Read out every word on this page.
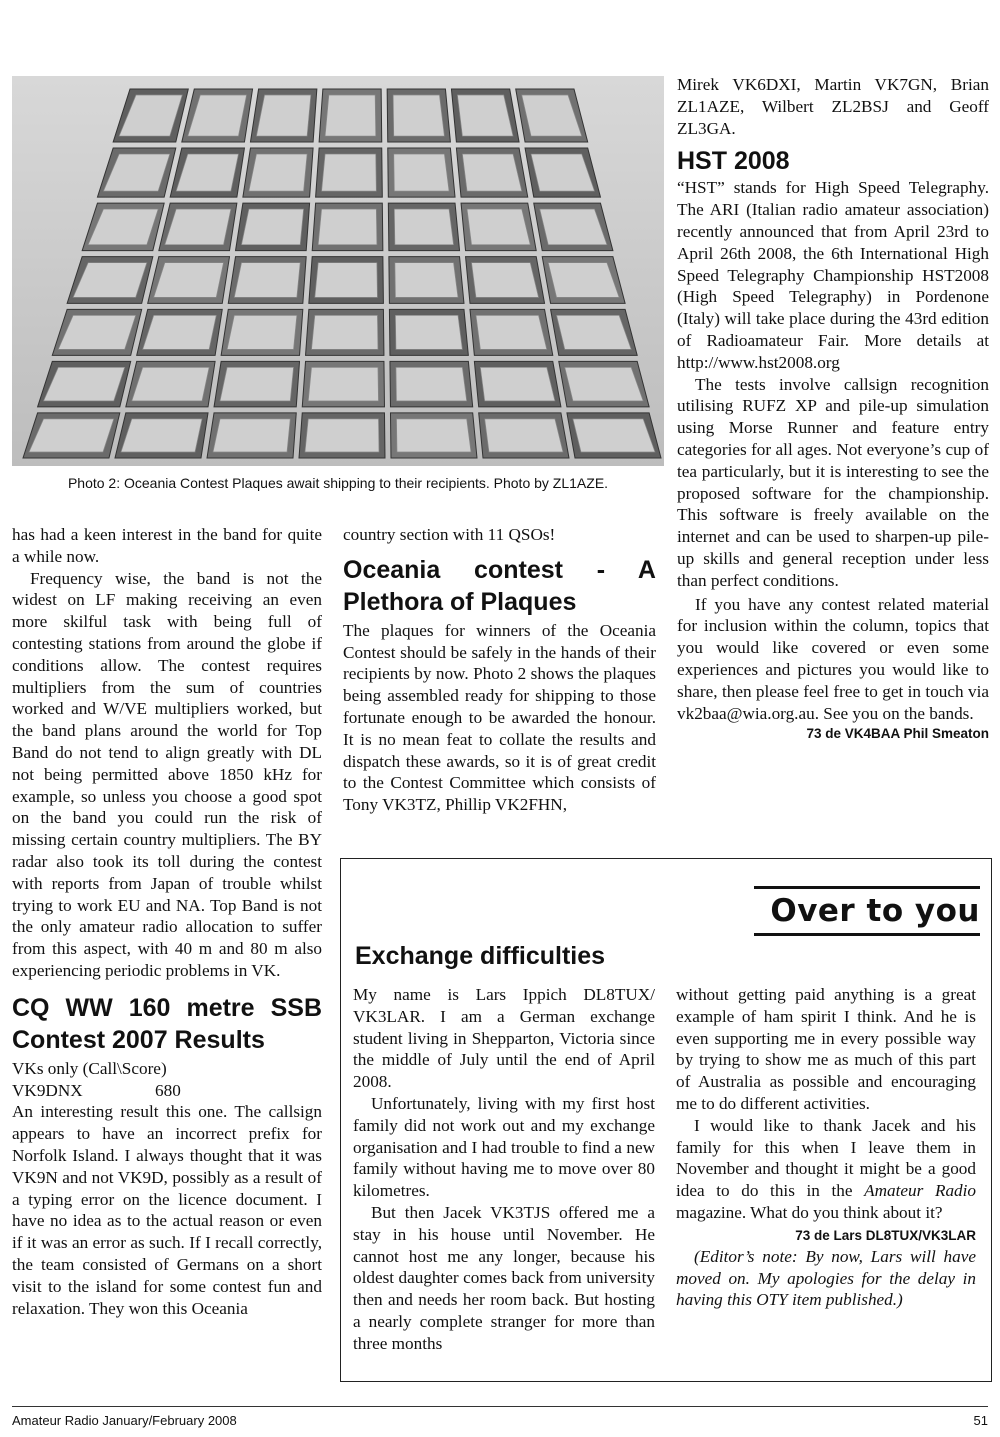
Photo 2: Oceania Contest Plaques await shipping to their recipients. Photo by ZL1AZE.

has had a keen interest in the band for quite a while now.

Frequency wise, the band is not the widest on LF making receiving an even more skilful task with being full of contesting stations from around the globe if conditions allow. The contest requires multipliers from the sum of countries worked and W/VE multipliers worked, but the band plans around the world for Top Band do not tend to align greatly with DL not being permitted above 1850 kHz for example, so unless you choose a good spot on the band you could run the risk of missing certain country multipliers. The BY radar also took its toll during the contest with reports from Japan of trouble whilst trying to work EU and NA. Top Band is not the only amateur radio allocation to suffer from this aspect, with 40 m and 80 m also experiencing periodic problems in VK.

CQ WW 160 metre SSB Contest 2007 Results

VKs only (Call\Score)

VK9DNX	680

An interesting result this one. The callsign appears to have an incorrect prefix for Norfolk Island. I always thought that it was VK9N and not VK9D, possibly as a result of a typing error on the licence document. I have no idea as to the actual reason or even if it was an error as such. If I recall correctly, the team consisted of Germans on a short visit to the island for some contest fun and relaxation. They won this Oceania

country section with 11 QSOs!

Oceania contest - A Plethora of Plaques

The plaques for winners of the Oceania Contest should be safely in the hands of their recipients by now. Photo 2 shows the plaques being assembled ready for shipping to those fortunate enough to be awarded the honour. It is no mean feat to collate the results and dispatch these awards, so it is of great credit to the Contest Committee which consists of Tony VK3TZ, Phillip VK2FHN,

Mirek VK6DXI, Martin VK7GN, Brian ZL1AZE, Wilbert ZL2BSJ and Geoff ZL3GA.

HST 2008

“HST” stands for High Speed Telegraphy. The ARI (Italian radio amateur association) recently announced that from April 23rd to April 26th 2008, the 6th International High Speed Telegraphy Championship HST2008 (High Speed Telegraphy) in Pordenone (Italy) will take place during the 43rd edition of Radioamateur Fair. More details at http://www.hst2008.org

The tests involve callsign recognition utilising RUFZ XP and pile-up simulation using Morse Runner and feature entry categories for all ages. Not everyone’s cup of tea particularly, but it is interesting to see the proposed software for the championship. This software is freely available on the internet and can be used to sharpen-up pile-up skills and general reception under less than perfect conditions.

If you have any contest related material for inclusion within the column, topics that you would like covered or even some experiences and pictures you would like to share, then please feel free to get in touch via vk2baa@wia.org.au. See you on the bands.

73 de VK4BAA Phil Smeaton
Over to you
Exchange difficulties

My name is Lars Ippich DL8TUX/ VK3LAR. I am a German exchange student living in Shepparton, Victoria since the middle of July until the end of April 2008.

Unfortunately, living with my first host family did not work out and my exchange organisation and I had trouble to find a new family without having me to move over 80 kilometres.

But then Jacek VK3TJS offered me a stay in his house until November. He cannot host me any longer, because his oldest daughter comes back from university then and needs her room back. But hosting a nearly complete stranger for more than three months

without getting paid anything is a great example of ham spirit I think. And he is even supporting me in every possible way by trying to show me as much of this part of Australia as possible and encouraging me to do different activities.

I would like to thank Jacek and his family for this when I leave them in November and thought it might be a good idea to do this in the Amateur Radio magazine. What do you think about it?

73 de Lars DL8TUX/VK3LAR

(Editor’s note: By now, Lars will have moved on. My apologies for the delay in having this OTY item published.)

Amateur Radio January/February 2008	51
